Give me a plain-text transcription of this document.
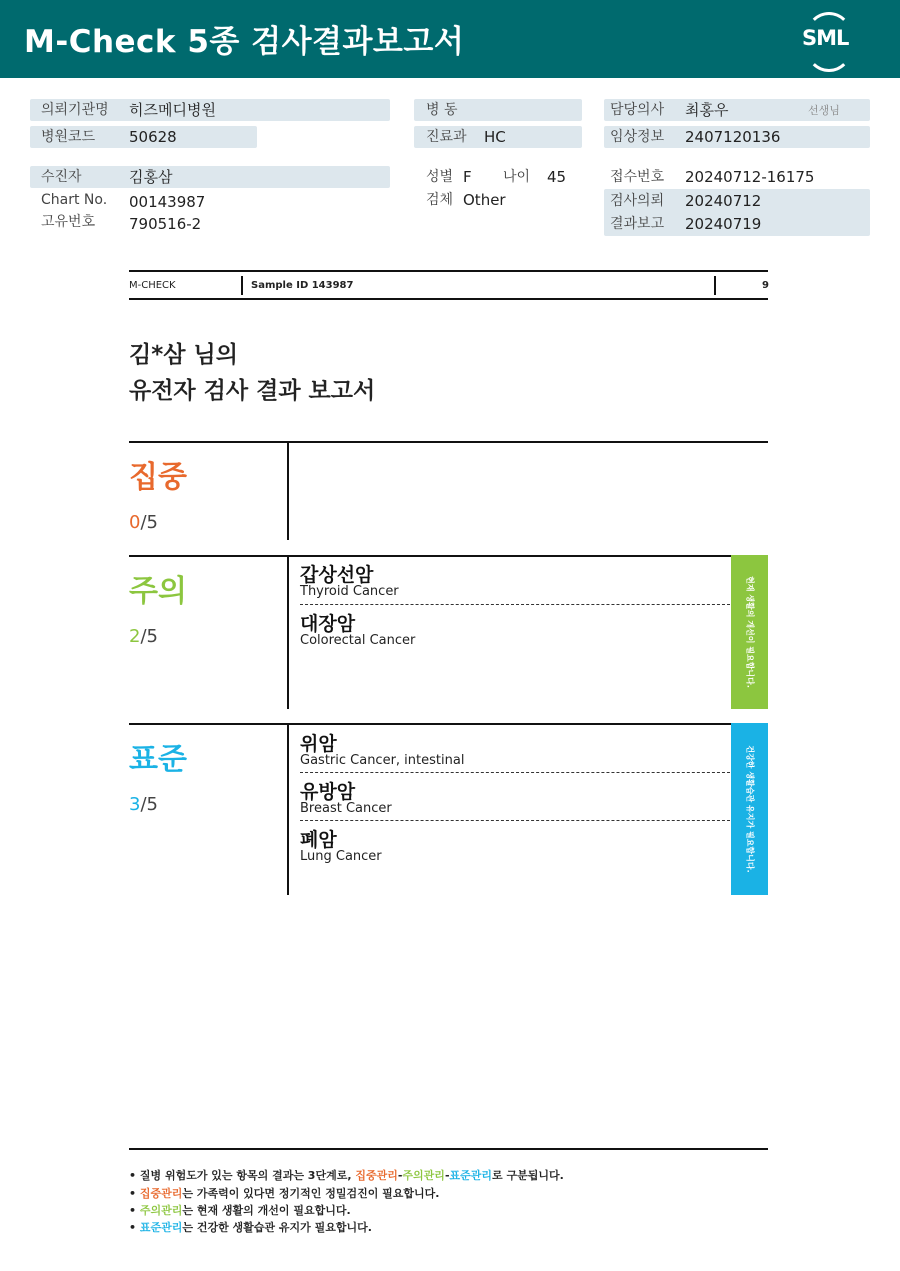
M-Check 5종 검사결과보고서	SML
의뢰기관명 히즈메디병원
병원코드 50628
병 동
진료과 HC
담당의사 최홍우	선생님
임상정보 2407120136
수진자	김홍삼
Chart No. 00143987
고유번호 790516-2
성별 F 나이 45
검체 Other
접수번호 20240712-16175
검사의뢰 20240712
결과보고 20240719
M-CHECK	Sample ID 143987	9
김*삼 님의
유전자 검사 결과 보고서
집중
0/5
주의
2/5
갑상선암
Thyroid Cancer
대장암
Colorectal Cancer	현재 생활의 개선이 필요합니다.
표준
3/5
위암
Gastric Cancer, intestinal
유방암
Breast Cancer
폐암
Lung Cancer	건강한 생활습관 유지가 필요합니다.
• 질병 위험도가 있는 항목의 결과는 3단계로, 집중관리-주의관리-표준관리로 구분됩니다.
• 집중관리는 가족력이 있다면 정기적인 정밀검진이 필요합니다.
• 주의관리는 현재 생활의 개선이 필요합니다.
• 표준관리는 건강한 생활습관 유지가 필요합니다.
